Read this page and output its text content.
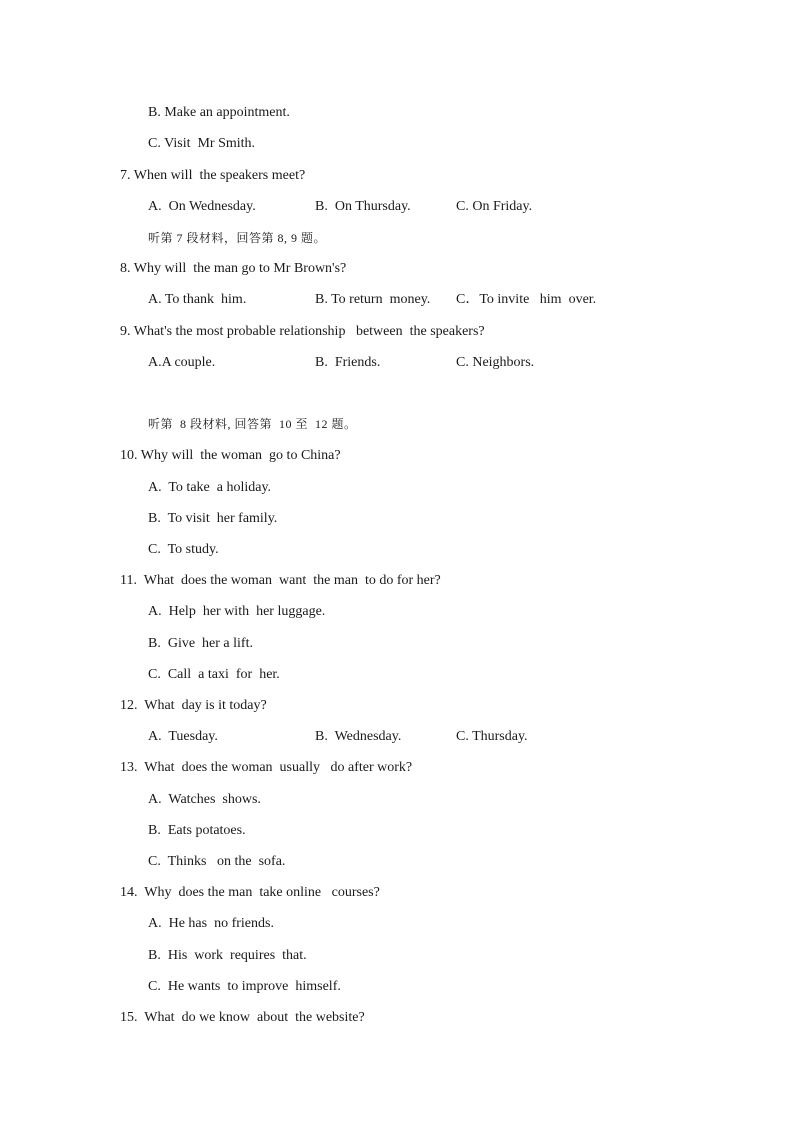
B. Make an appointment.
C. Visit  Mr Smith.
7. When will  the speakers meet?
A.  On Wednesday.	B.  On Thursday.	C. On Friday.
听第 7 段材料，回答第 8, 9 题。
8. Why will  the man go to Mr Brown's?
A. To thank  him.	B. To return  money. C．To invite   him  over.
9. What's the most probable relationship   between  the speakers?
A.A couple.	B.  Friends.	C. Neighbors.
听第  8 段材料, 回答第  10 至  12 题。
10. Why will  the woman  go to China?
A.  To take  a holiday.
B.  To visit  her family.
C.  To study.
11.  What  does the woman  want  the man  to do for her?
A.  Help  her with  her luggage.
B.  Give  her a lift.
C.  Call  a taxi  for  her.
12.  What  day is it today?
A.  Tuesday.	B.  Wednesday.	C. Thursday.
13.  What  does the woman  usually   do after work?
A.  Watches  shows.
B.  Eats potatoes.
C.  Thinks   on the  sofa.
14.  Why  does the man  take online   courses?
A.  He has  no friends.
B.  His  work  requires  that.
C.  He wants  to improve  himself.
15.  What  do we know  about  the website?
